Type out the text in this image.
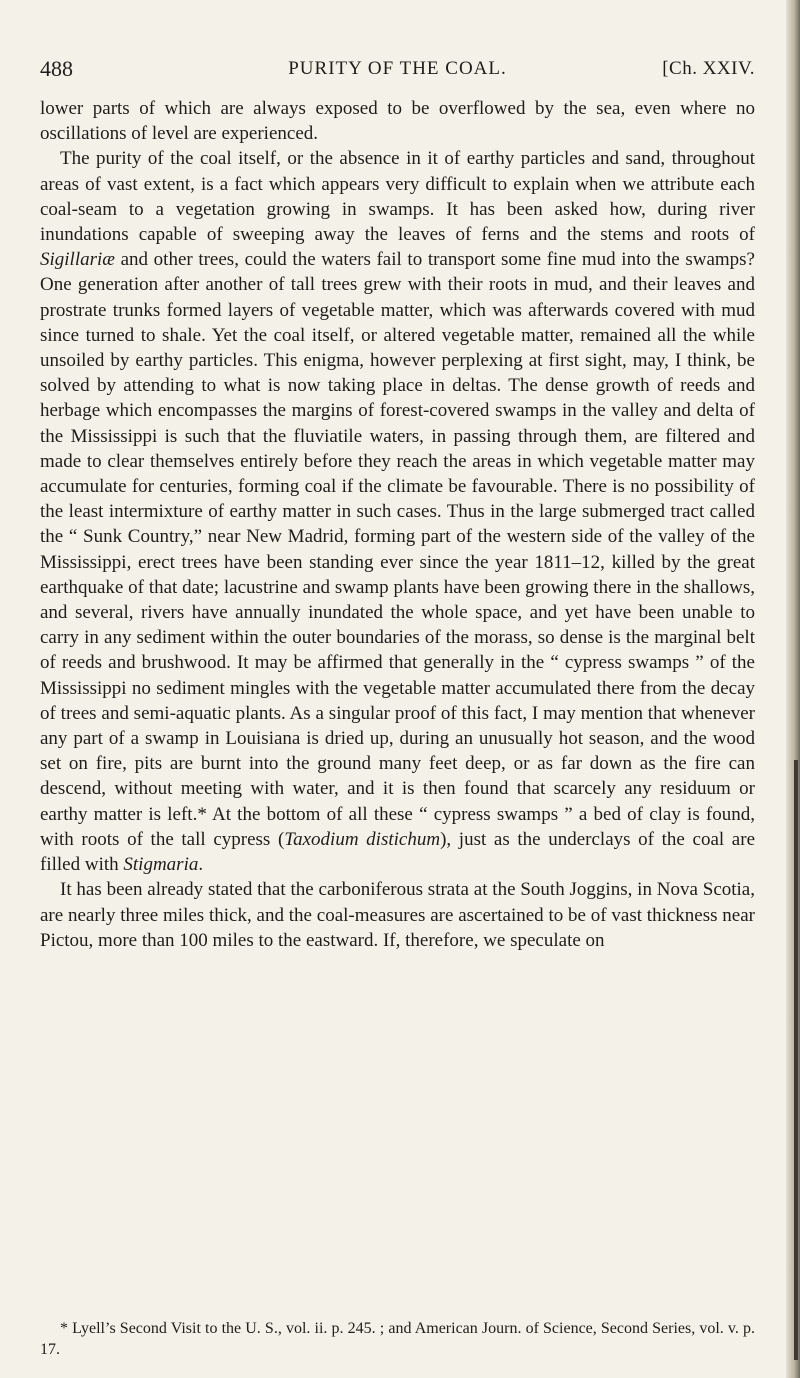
488	PURITY OF THE COAL.	[Ch. XXIV.

lower parts of which are always exposed to be overflowed by the sea, even where no oscillations of level are experienced.

The purity of the coal itself, or the absence in it of earthy particles and sand, throughout areas of vast extent, is a fact which appears very difficult to explain when we attribute each coal-seam to a vegetation growing in swamps. It has been asked how, during river inundations capable of sweeping away the leaves of ferns and the stems and roots of Sigillariæ and other trees, could the waters fail to transport some fine mud into the swamps? One generation after another of tall trees grew with their roots in mud, and their leaves and prostrate trunks formed layers of vegetable matter, which was afterwards covered with mud since turned to shale. Yet the coal itself, or altered vegetable matter, remained all the while unsoiled by earthy particles. This enigma, however perplexing at first sight, may, I think, be solved by attending to what is now taking place in deltas. The dense growth of reeds and herbage which encompasses the margins of forest-covered swamps in the valley and delta of the Mississippi is such that the fluviatile waters, in passing through them, are filtered and made to clear themselves entirely before they reach the areas in which vegetable matter may accumulate for centuries, forming coal if the climate be favourable. There is no possibility of the least intermixture of earthy matter in such cases. Thus in the large submerged tract called the “ Sunk Country,” near New Madrid, forming part of the western side of the valley of the Mississippi, erect trees have been standing ever since the year 1811–12, killed by the great earthquake of that date; lacustrine and swamp plants have been growing there in the shallows, and several, rivers have annually inundated the whole space, and yet have been unable to carry in any sediment within the outer boundaries of the morass, so dense is the marginal belt of reeds and brushwood. It may be affirmed that generally in the “ cypress swamps ” of the Mississippi no sediment mingles with the vegetable matter accumulated there from the decay of trees and semi-aquatic plants. As a singular proof of this fact, I may mention that whenever any part of a swamp in Louisiana is dried up, during an unusually hot season, and the wood set on fire, pits are burnt into the ground many feet deep, or as far down as the fire can descend, without meeting with water, and it is then found that scarcely any residuum or earthy matter is left.* At the bottom of all these “ cypress swamps ” a bed of clay is found, with roots of the tall cypress (Taxodium distichum), just as the underclays of the coal are filled with Stigmaria.

It has been already stated that the carboniferous strata at the South Joggins, in Nova Scotia, are nearly three miles thick, and the coal-measures are ascertained to be of vast thickness near Pictou, more than 100 miles to the eastward. If, therefore, we speculate on

* Lyell’s Second Visit to the U. S., vol. ii. p. 245. ; and American Journ. of Science, Second Series, vol. v. p. 17.
